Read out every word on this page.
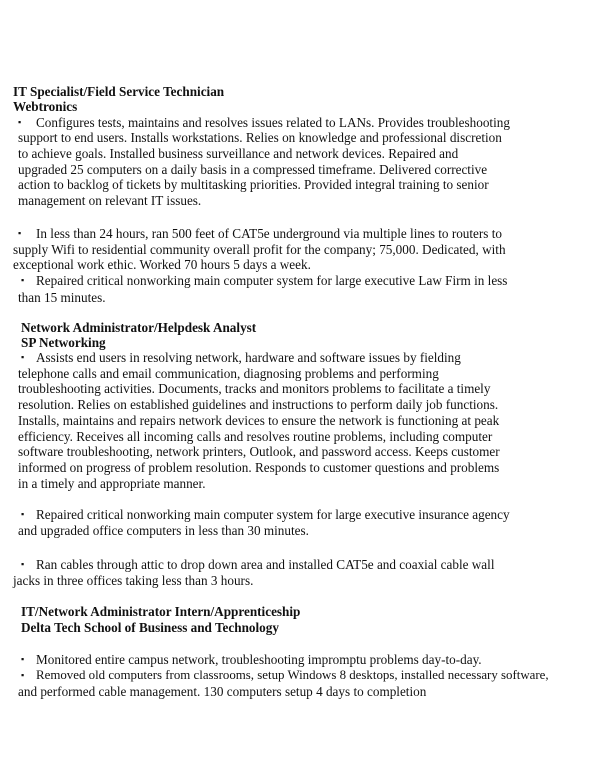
IT Specialist/Field Service Technician
Webtronics
▪	Configures tests, maintains and resolves issues related to LANs. Provides troubleshooting
support to end users. Installs workstations. Relies on knowledge and professional discretion
to achieve goals. Installed business surveillance and network devices. Repaired and
upgraded 25 computers on a daily basis in a compressed timeframe. Delivered corrective
action to backlog of tickets by multitasking priorities. Provided integral training to senior
management on relevant IT issues.
▪	In less than 24 hours, ran 500 feet of CAT5e underground via multiple lines to routers to
supply Wifi to residential community overall profit for the company; 75,000. Dedicated, with
exceptional work ethic. Worked 70 hours 5 days a week.
▪ Repaired critical nonworking main computer system for large executive Law Firm in less
than 15 minutes.
Network Administrator/Helpdesk Analyst
SP Networking
▪ Assists end users in resolving network, hardware and software issues by fielding
telephone calls and email communication, diagnosing problems and performing
troubleshooting activities. Documents, tracks and monitors problems to facilitate a timely
resolution. Relies on established guidelines and instructions to perform daily job functions.
Installs, maintains and repairs network devices to ensure the network is functioning at peak
efficiency. Receives all incoming calls and resolves routine problems, including computer
software troubleshooting, network printers, Outlook, and password access. Keeps customer
informed on progress of problem resolution. Responds to customer questions and problems
in a timely and appropriate manner.
▪ Repaired critical nonworking main computer system for large executive insurance agency
and upgraded office computers in less than 30 minutes.
▪ Ran cables through attic to drop down area and installed CAT5e and coaxial cable wall
jacks in three offices taking less than 3 hours.
IT/Network Administrator Intern/Apprenticeship
Delta Tech School of Business and Technology
▪ Monitored entire campus network, troubleshooting impromptu problems day-to-day.
▪ Removed old computers from classrooms, setup Windows 8 desktops, installed necessary software,
and performed cable management. 130 computers setup 4 days to completion
